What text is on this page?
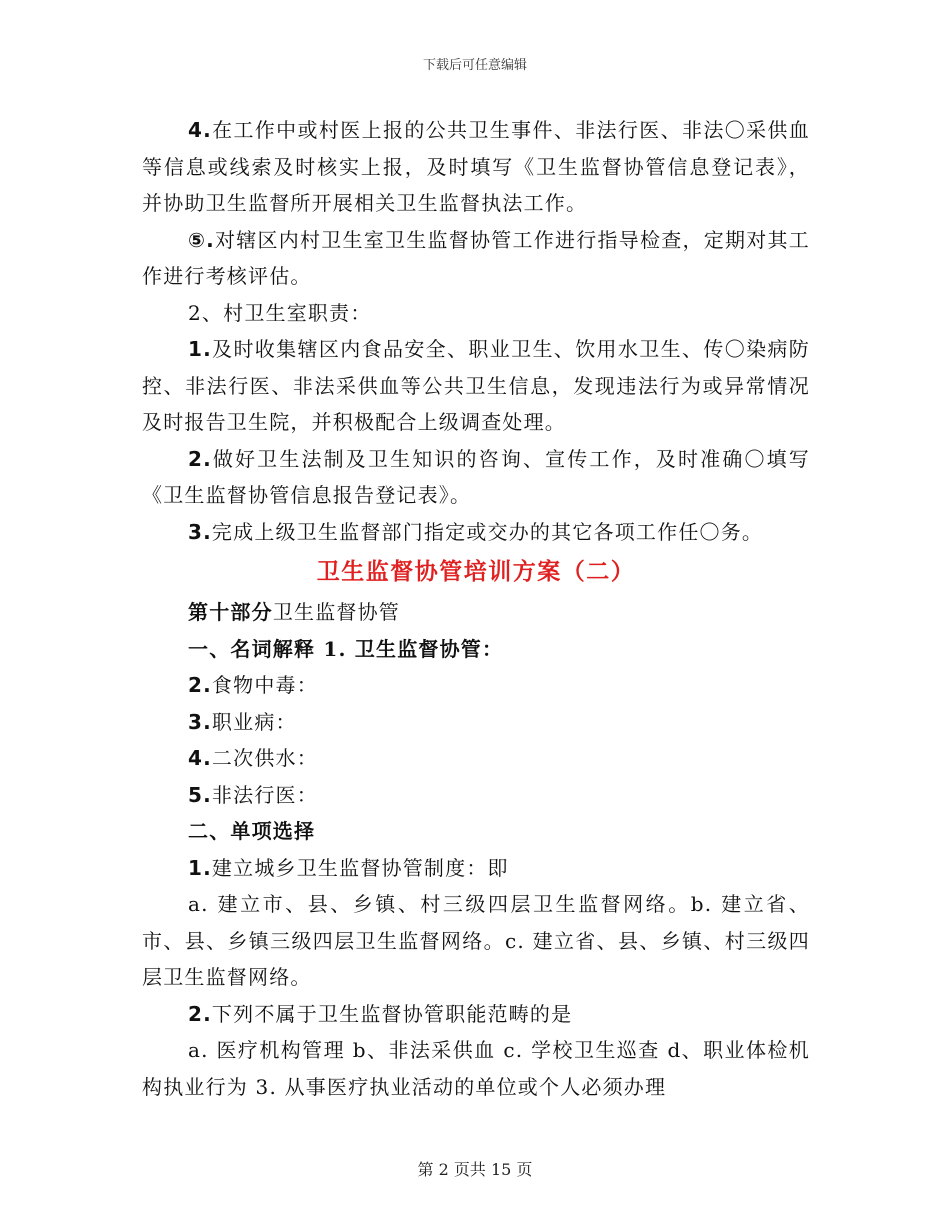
下载后可任意编辑

4.在工作中或村医上报的公共卫生事件、非法行医、非法〇采供血等信息或线索及时核实上报，及时填写《卫生监督协管信息登记表》，并协助卫生监督所开展相关卫生监督执法工作。

⑤.对辖区内村卫生室卫生监督协管工作进行指导检查，定期对其工作进行考核评估。

2、村卫生室职责：

1.及时收集辖区内食品安全、职业卫生、饮用水卫生、传〇染病防控、非法行医、非法采供血等公共卫生信息，发现违法行为或异常情况及时报告卫生院，并积极配合上级调查处理。

2.做好卫生法制及卫生知识的咨询、宣传工作，及时准确〇填写《卫生监督协管信息报告登记表》。

3.完成上级卫生监督部门指定或交办的其它各项工作任〇务。

卫生监督协管培训方案（二）

第十部分卫生监督协管

一、名词解释 1. 卫生监督协管：

2.食物中毒：

3.职业病：

4.二次供水：

5.非法行医：

二、单项选择

1.建立城乡卫生监督协管制度：即

a. 建立市、县、乡镇、村三级四层卫生监督网络。b. 建立省、市、县、乡镇三级四层卫生监督网络。c. 建立省、县、乡镇、村三级四层卫生监督网络。

2.下列不属于卫生监督协管职能范畴的是

a. 医疗机构管理 b、非法采供血 c. 学校卫生巡查 d、职业体检机构执业行为 3. 从事医疗执业活动的单位或个人必须办理

第 2 页共 15 页
